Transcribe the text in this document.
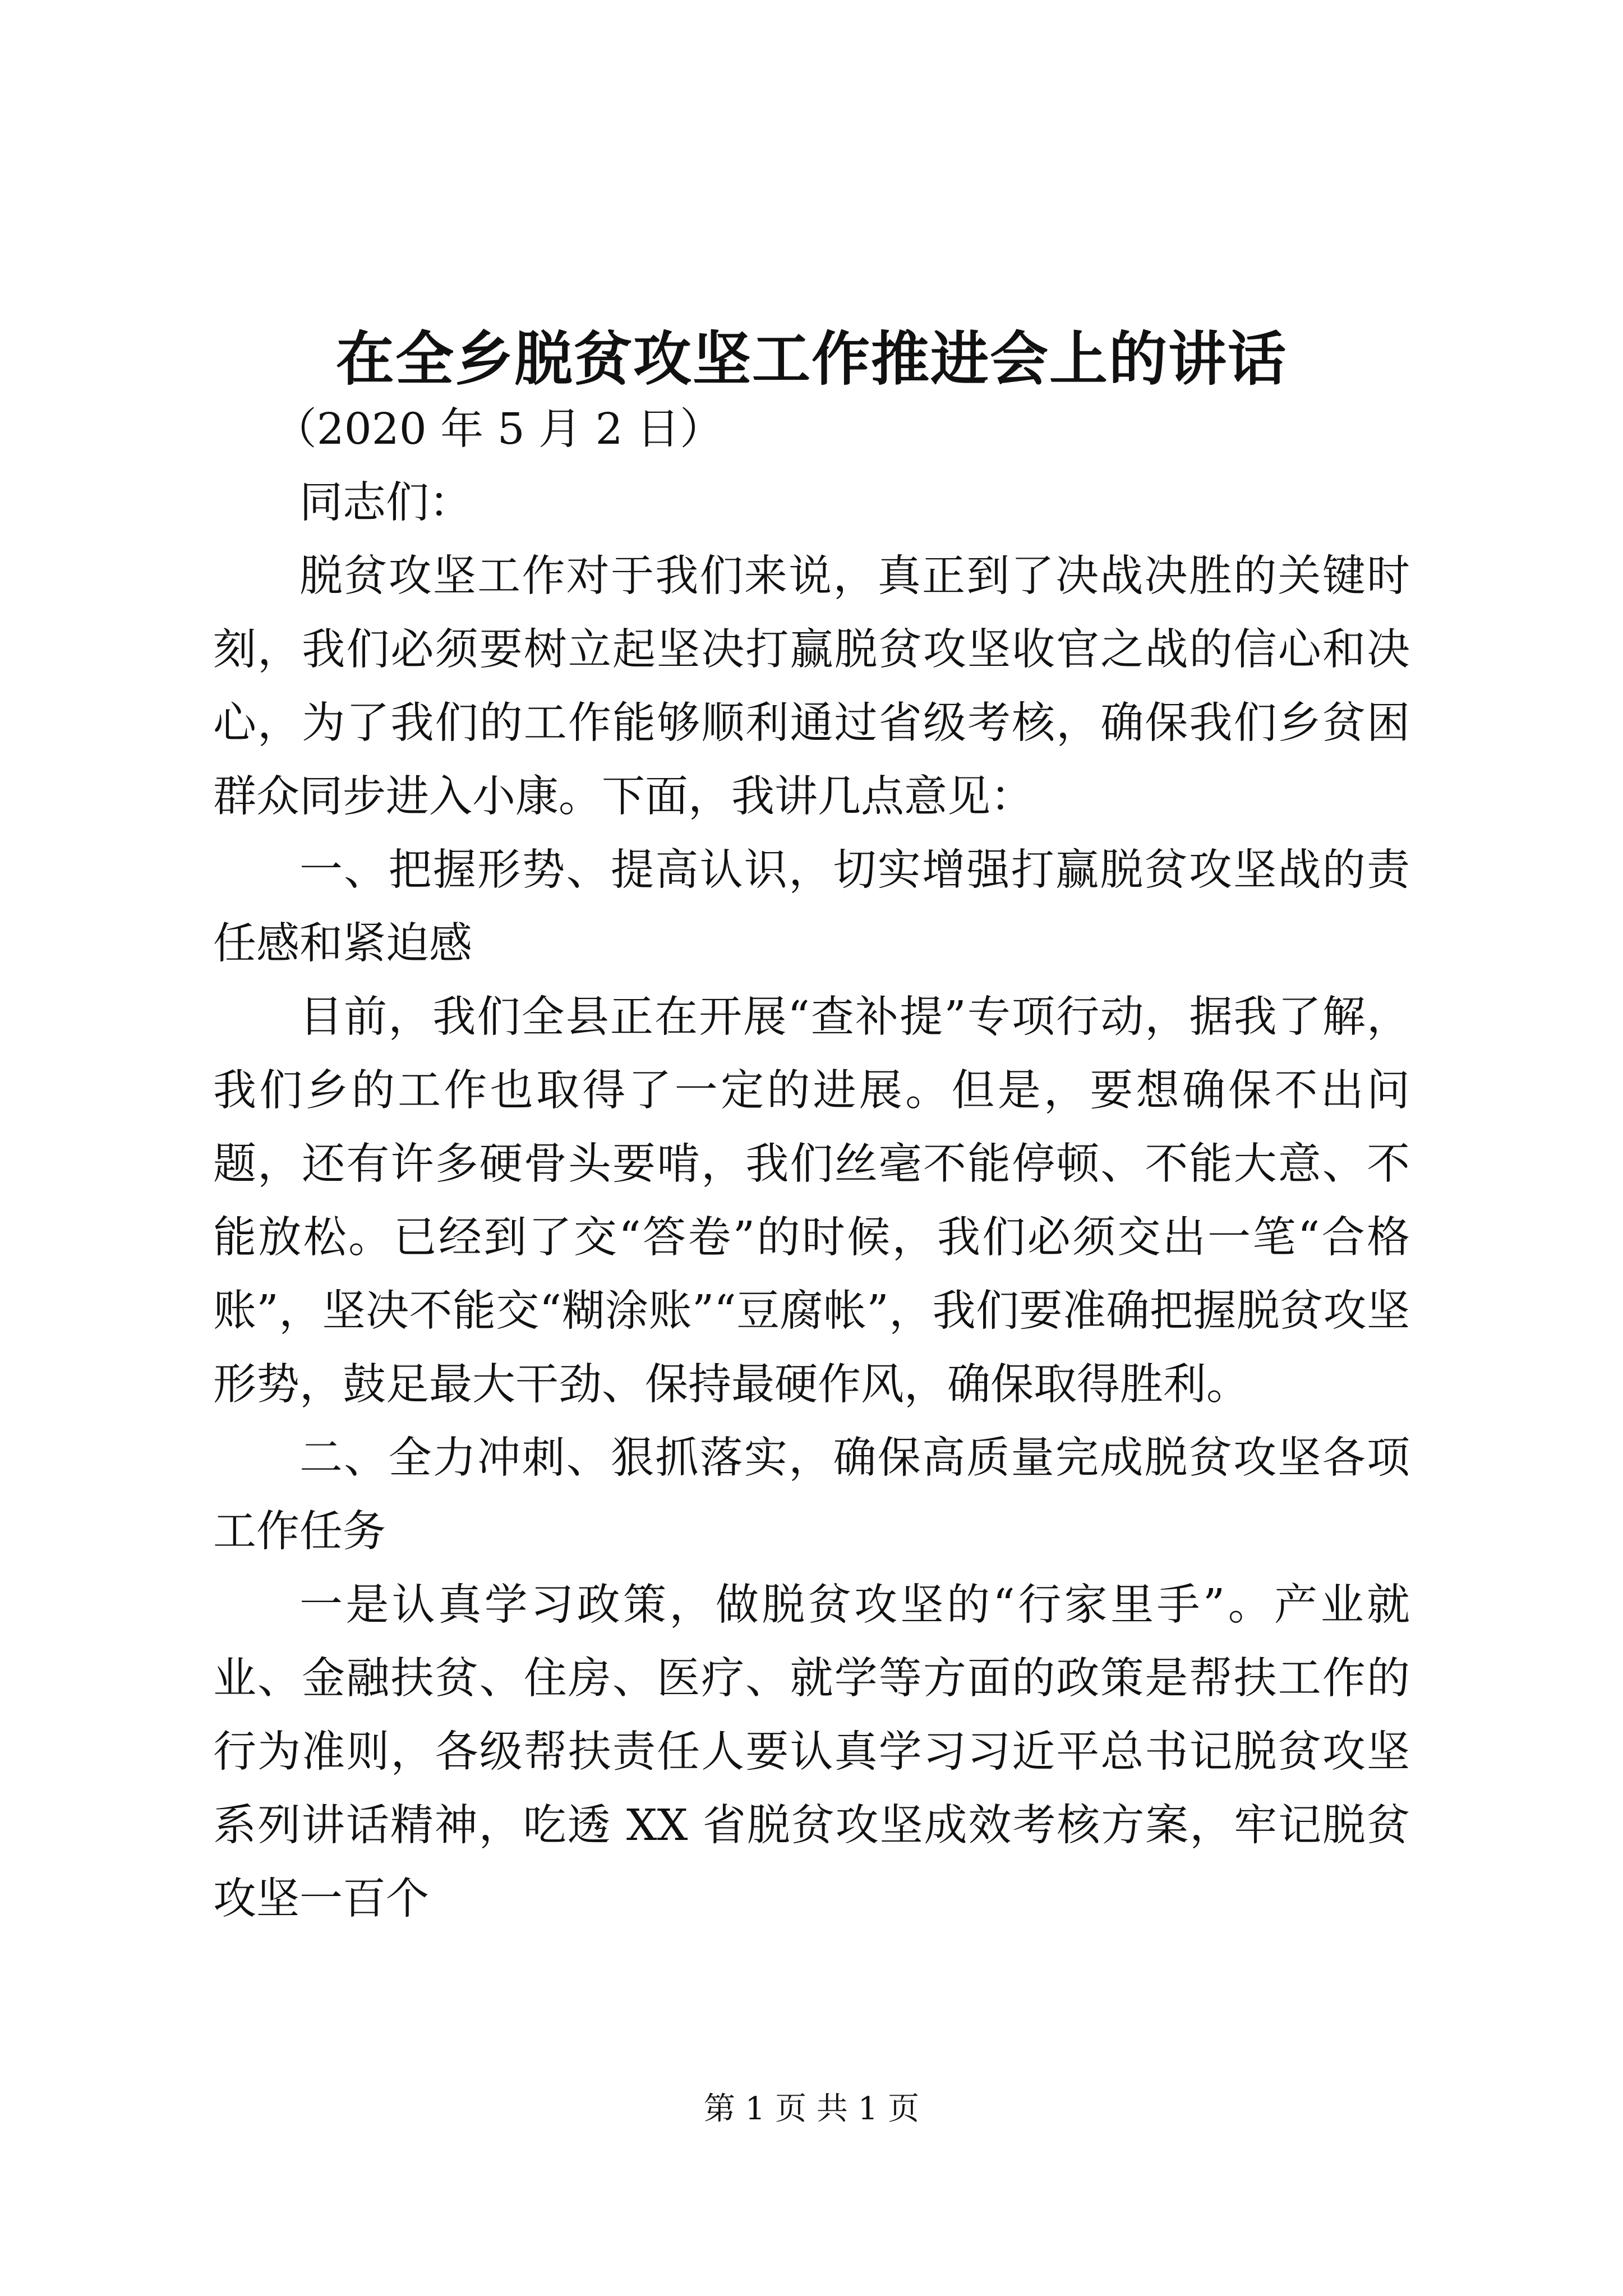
在全乡脱贫攻坚工作推进会上的讲话

（2020 年 5 月 2 日）

同志们：

脱贫攻坚工作对于我们来说，真正到了决战决胜的关键时刻，我们必须要树立起坚决打赢脱贫攻坚收官之战的信心和决心，为了我们的工作能够顺利通过省级考核，确保我们乡贫困群众同步进入小康。下面，我讲几点意见：

一、把握形势、提高认识，切实增强打赢脱贫攻坚战的责任感和紧迫感

目前，我们全县正在开展“查补提”专项行动，据我了解，我们乡的工作也取得了一定的进展。但是，要想确保不出问题，还有许多硬骨头要啃，我们丝毫不能停顿、不能大意、不能放松。已经到了交“答卷”的时候，我们必须交出一笔“合格账”，坚决不能交“糊涂账”“豆腐帐”，我们要准确把握脱贫攻坚形势，鼓足最大干劲、保持最硬作风，确保取得胜利。

二、全力冲刺、狠抓落实，确保高质量完成脱贫攻坚各项工作任务

一是认真学习政策，做脱贫攻坚的“行家里手”。产业就业、金融扶贫、住房、医疗、就学等方面的政策是帮扶工作的行为准则，各级帮扶责任人要认真学习习近平总书记脱贫攻坚系列讲话精神，吃透 XX 省脱贫攻坚成效考核方案，牢记脱贫攻坚一百个

第 1 页 共 1 页
